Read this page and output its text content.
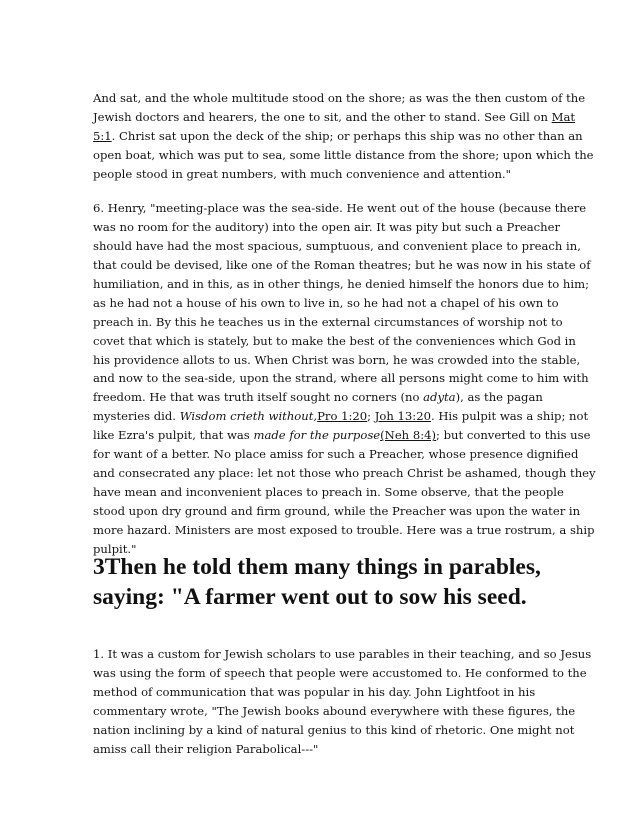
And sat, and the whole multitude stood on the shore; as was the then custom of the
Jewish doctors and hearers, the one to sit, and the other to stand. See Gill on Mat
5:1. Christ sat upon the deck of the ship; or perhaps this ship was no other than an
open boat, which was put to sea, some little distance from the shore; upon which the
people stood in great numbers, with much convenience and attention."
6. Henry, "meeting-place was the sea-side. He went out of the house (because there
was no room for the auditory) into the open air. It was pity but such a Preacher
should have had the most spacious, sumptuous, and convenient place to preach in,
that could be devised, like one of the Roman theatres; but he was now in his state of
humiliation, and in this, as in other things, he denied himself the honors due to him;
as he had not a house of his own to live in, so he had not a chapel of his own to
preach in. By this he teaches us in the external circumstances of worship not to
covet that which is stately, but to make the best of the conveniences which God in
his providence allots to us. When Christ was born, he was crowded into the stable,
and now to the sea-side, upon the strand, where all persons might come to him with
freedom. He that was truth itself sought no corners (no adyta), as the pagan
mysteries did. Wisdom crieth without,Pro 1:20; Joh 13:20. His pulpit was a ship; not
like Ezra's pulpit, that was made for the purpose(Neh 8:4); but converted to this use
for want of a better. No place amiss for such a Preacher, whose presence dignified
and consecrated any place: let not those who preach Christ be ashamed, though they
have mean and inconvenient places to preach in. Some observe, that the people
stood upon dry ground and firm ground, while the Preacher was upon the water in
more hazard. Ministers are most exposed to trouble. Here was a true rostrum, a ship
pulpit."
3Then he told them many things in parables,
saying: "A farmer went out to sow his seed.
1. It was a custom for Jewish scholars to use parables in their teaching, and so Jesus
was using the form of speech that people were accustomed to. He conformed to the
method of communication that was popular in his day. John Lightfoot in his
commentary wrote, "The Jewish books abound everywhere with these figures, the
nation inclining by a kind of natural genius to this kind of rhetoric. One might not
amiss call their religion Parabolical---"
